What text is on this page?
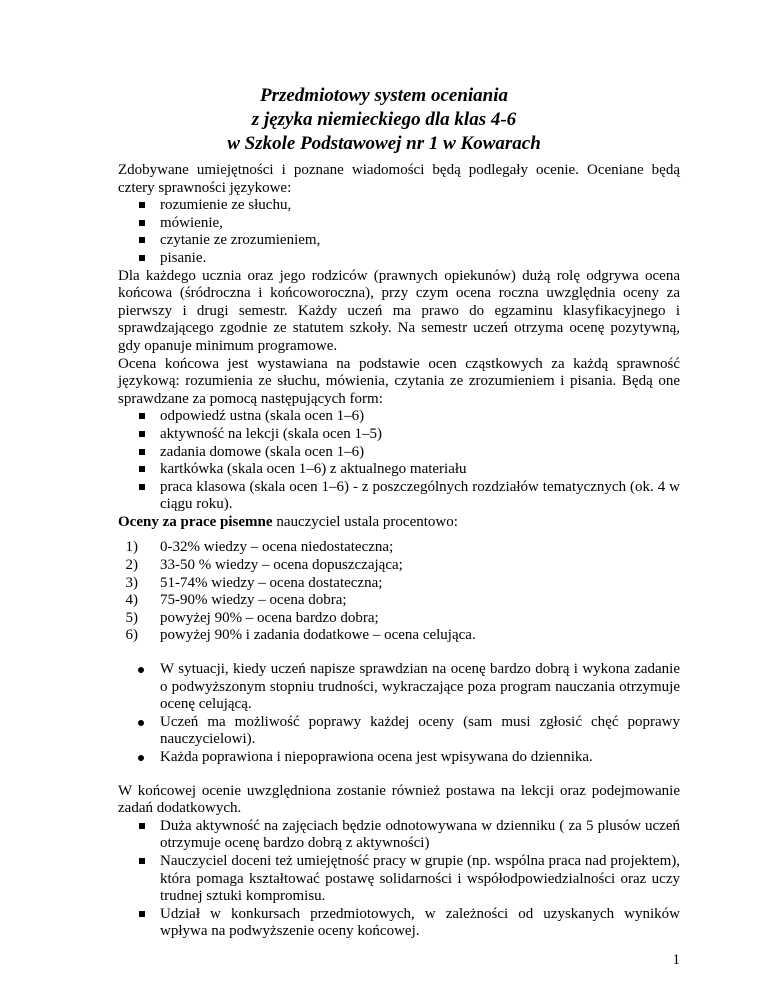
Przedmiotowy system oceniania
z języka niemieckiego dla klas 4-6
w Szkole Podstawowej nr 1 w Kowarach

Zdobywane umiejętności i poznane wiadomości będą podlegały ocenie. Oceniane będą cztery sprawności językowe:

rozumienie ze słuchu,
mówienie,
czytanie ze zrozumieniem,
pisanie.

Dla każdego ucznia oraz jego rodziców (prawnych opiekunów) dużą rolę odgrywa ocena końcowa (śródroczna i końcoworoczna), przy czym ocena roczna uwzględnia oceny za pierwszy i drugi semestr. Każdy uczeń ma prawo do egzaminu klasyfikacyjnego i sprawdzającego zgodnie ze statutem szkoły. Na semestr uczeń otrzyma ocenę pozytywną, gdy opanuje minimum programowe.

Ocena końcowa jest wystawiana na podstawie ocen cząstkowych za każdą sprawność językową: rozumienia ze słuchu, mówienia, czytania ze zrozumieniem i pisania. Będą one sprawdzane za pomocą następujących form:

odpowiedź ustna (skala ocen 1–6)
aktywność na lekcji (skala ocen 1–5)
zadania domowe (skala ocen 1–6)
kartkówka (skala ocen 1–6) z aktualnego materiału
praca klasowa (skala ocen 1–6) - z poszczególnych rozdziałów tematycznych (ok. 4 w ciągu roku).

Oceny za prace pisemne nauczyciel ustala procentowo:

1) 0-32% wiedzy – ocena niedostateczna;
2) 33-50 % wiedzy – ocena dopuszczająca;
3) 51-74% wiedzy – ocena dostateczna;
4) 75-90% wiedzy – ocena dobra;
5) powyżej 90% – ocena bardzo dobra;
6) powyżej 90% i zadania dodatkowe – ocena celująca.
W sytuacji, kiedy uczeń napisze sprawdzian na ocenę bardzo dobrą i wykona zadanie o podwyższonym stopniu trudności, wykraczające poza program nauczania otrzymuje ocenę celującą.
Uczeń ma możliwość poprawy każdej oceny (sam musi zgłosić chęć poprawy nauczycielowi).
Każda poprawiona i niepoprawiona ocena jest wpisywana do dziennika.

W końcowej ocenie uwzględniona zostanie również postawa na lekcji oraz podejmowanie zadań dodatkowych.

Duża aktywność na zajęciach będzie odnotowywana w dzienniku ( za 5 plusów uczeń otrzymuje ocenę bardzo dobrą z aktywności)
Nauczyciel doceni też umiejętność pracy w grupie (np. wspólna praca nad projektem), która pomaga kształtować postawę solidarności i współodpowiedzialności oraz uczy trudnej sztuki kompromisu.
Udział w konkursach przedmiotowych, w zależności od uzyskanych wyników wpływa na podwyższenie oceny końcowej.
1
